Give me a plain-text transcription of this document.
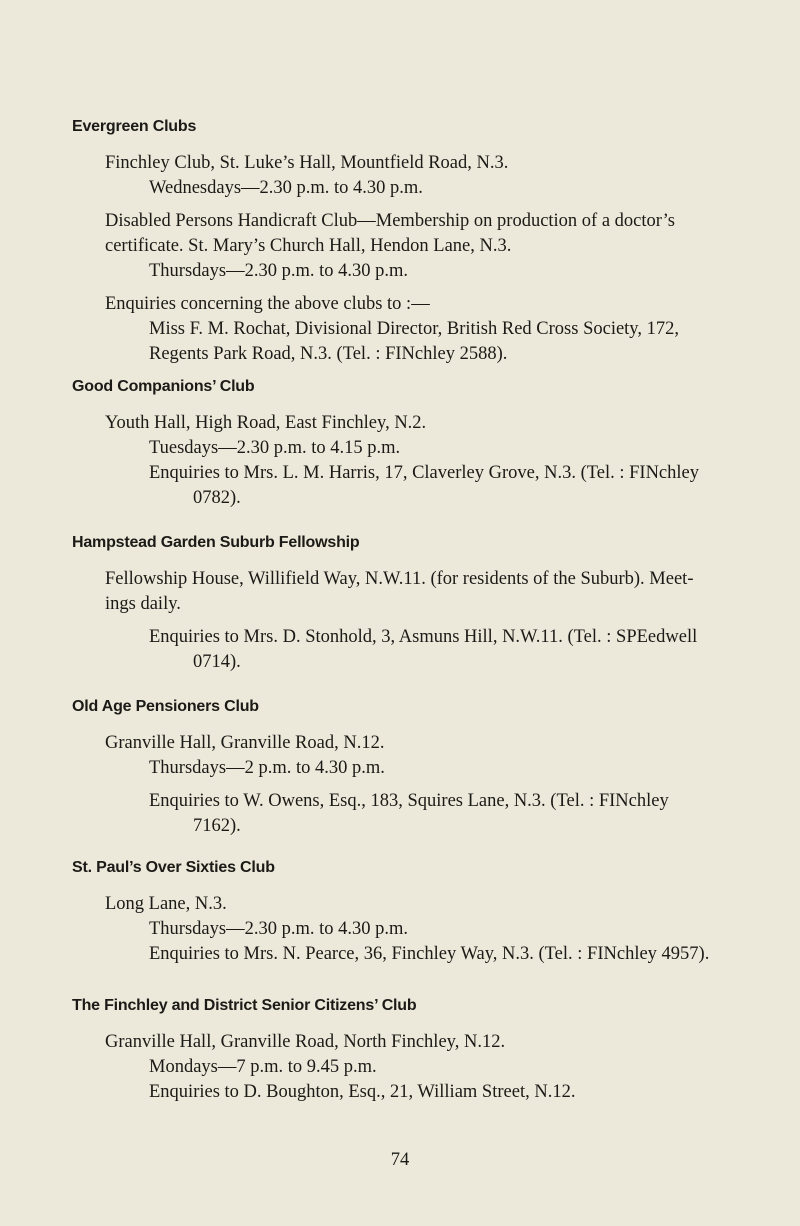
Evergreen Clubs
Finchley Club, St. Luke’s Hall, Mountfield Road, N.3.
Wednesdays—2.30 p.m. to 4.30 p.m.
Disabled Persons Handicraft Club—Membership on production of a doctor’s
certificate. St. Mary’s Church Hall, Hendon Lane, N.3.
Thursdays—2.30 p.m. to 4.30 p.m.
Enquiries concerning the above clubs to :—
Miss F. M. Rochat, Divisional Director, British Red Cross Society, 172,
Regents Park Road, N.3. (Tel. : FINchley 2588).
Good Companions’ Club
Youth Hall, High Road, East Finchley, N.2.
Tuesdays—2.30 p.m. to 4.15 p.m.
Enquiries to Mrs. L. M. Harris, 17, Claverley Grove, N.3. (Tel. : FINchley
0782).
Hampstead Garden Suburb Fellowship
Fellowship House, Willifield Way, N.W.11. (for residents of the Suburb). Meet-
ings daily.
Enquiries to Mrs. D. Stonhold, 3, Asmuns Hill, N.W.11. (Tel. : SPEedwell
0714).
Old Age Pensioners Club
Granville Hall, Granville Road, N.12.
Thursdays—2 p.m. to 4.30 p.m.
Enquiries to W. Owens, Esq., 183, Squires Lane, N.3. (Tel. : FINchley
7162).
St. Paul’s Over Sixties Club
Long Lane, N.3.
Thursdays—2.30 p.m. to 4.30 p.m.
Enquiries to Mrs. N. Pearce, 36, Finchley Way, N.3. (Tel. : FINchley 4957).
The Finchley and District Senior Citizens’ Club
Granville Hall, Granville Road, North Finchley, N.12.
Mondays—7 p.m. to 9.45 p.m.
Enquiries to D. Boughton, Esq., 21, William Street, N.12.
74
